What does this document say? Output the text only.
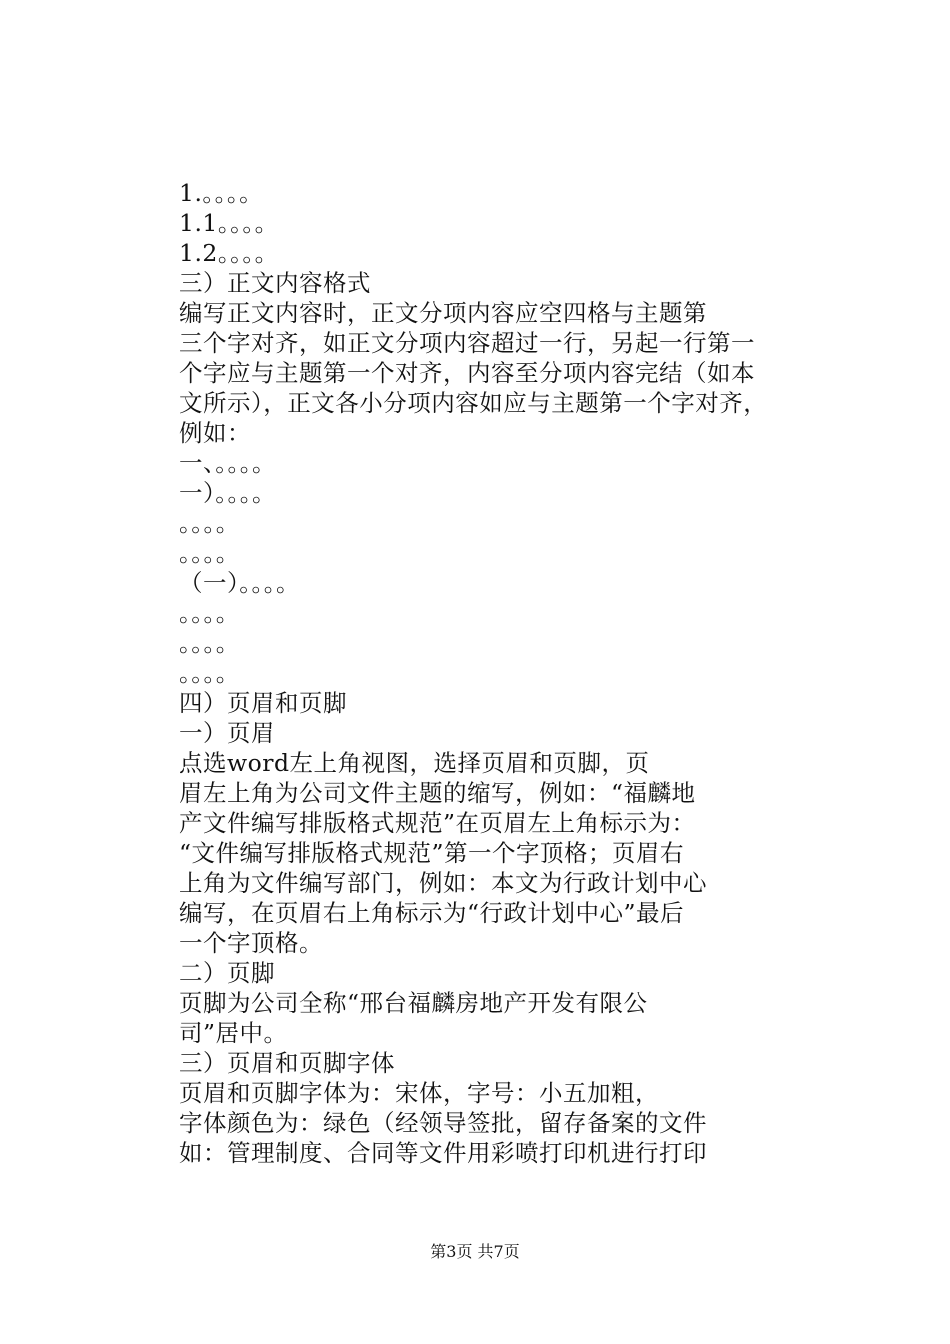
1.。。。。
1.1。。。。
1.2。。。。
三）正文内容格式
编写正文内容时，正文分项内容应空四格与主题第
三个字对齐，如正文分项内容超过一行，另起一行第一
个字应与主题第一个对齐，内容至分项内容完结（如本
文所示），正文各小分项内容如应与主题第一个字对齐，
例如：
一、。。。。
一）。。。。
。。。。
。。。。
（一）。。。。
。。。。
。。。。
。。。。
四）页眉和页脚
一）页眉
点选word左上角视图，选择页眉和页脚，页
眉左上角为公司文件主题的缩写，例如：“福麟地
产文件编写排版格式规范”在页眉左上角标示为：
“文件编写排版格式规范”第一个字顶格；页眉右
上角为文件编写部门，例如：本文为行政计划中心
编写，在页眉右上角标示为“行政计划中心”最后
一个字顶格。
二）页脚
页脚为公司全称“邢台福麟房地产开发有限公
司”居中。
三）页眉和页脚字体
页眉和页脚字体为：宋体，字号：小五加粗，
字体颜色为：绿色（经领导签批，留存备案的文件
如：管理制度、合同等文件用彩喷打印机进行打印
第3页 共7页
